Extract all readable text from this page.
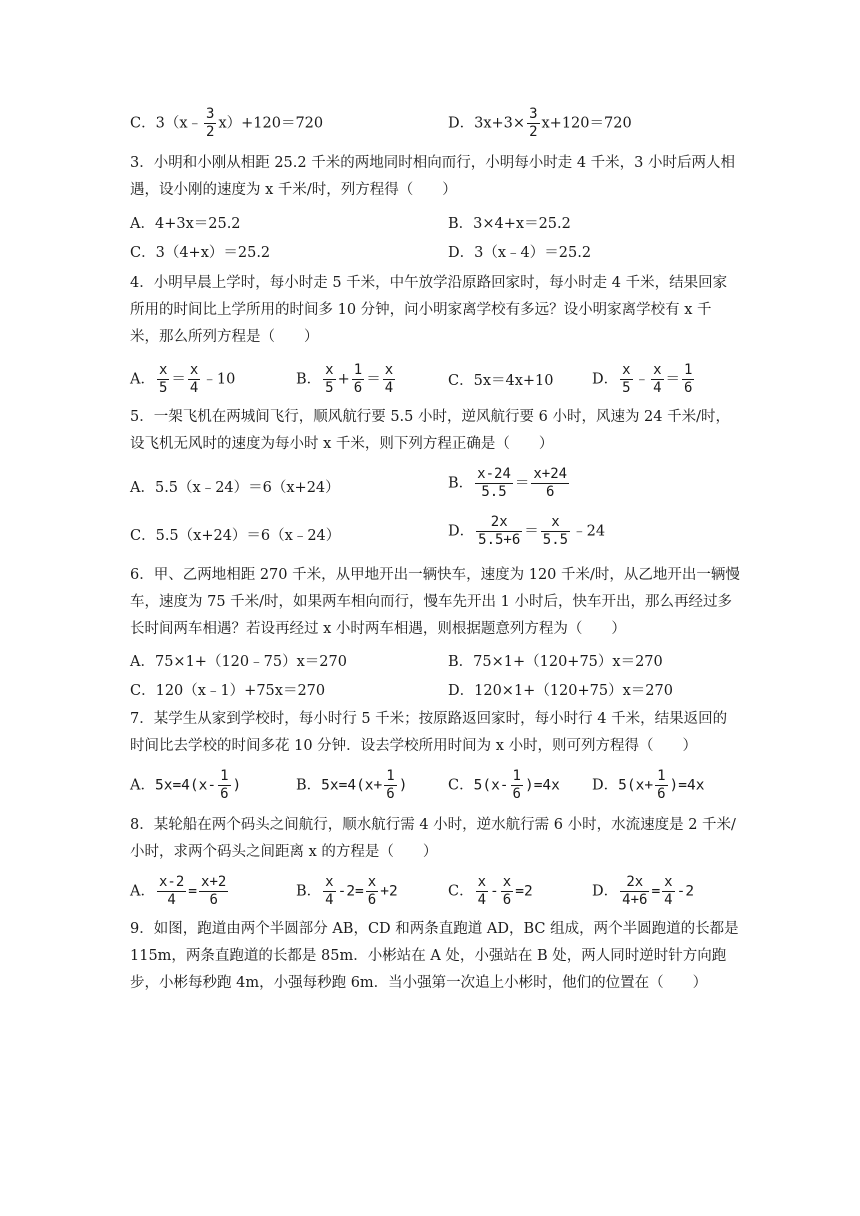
C．3（x﹣ $\frac{3}{2} x)+120=720$	D．$3x+3\times \frac{3}{2} x+120=720$
3．小明和小刚从相距 25.2 千米的两地同时相向而行，小明每小时走 4 千米，3 小时后两人相遇，设小刚的速度为 x 千米/时，列方程得（　　）
A．4+3x＝25.2	B．3×4+x＝25.2
C．3（4+x）＝25.2	D．3（x﹣4）＝25.2
4．小明早晨上学时，每小时走 5 千米，中午放学沿原路回家时，每小时走 4 千米，结果回家所用的时间比上学所用的时间多 10 分钟，问小明家离学校有多远？设小明家离学校有 x 千米，那么所列方程是（　　）
A． $\frac{x}{5} = \frac{x}{4}$ ﹣10	B． $\frac{x}{5} + \frac{1}{6} = \frac{x}{4}$	C．5x＝4x+10	D． $\frac{x}{5}$ ﹣ $\frac{x}{4} = \frac{1}{6}$
5．一架飞机在两城间飞行，顺风航行要 5.5 小时，逆风航行要 6 小时，风速为 24 千米/时，设飞机无风时的速度为每小时 x 千米，则下列方程正确是（　　）
A．5.5（x﹣24）＝6（x+24）	B． $\frac{x-24}{5.5} = \frac{x+24}{6}$
C．5.5（x+24）＝6（x﹣24）	D． $\frac{2x}{5.5+6} = \frac{x}{5.5}$ ﹣24
6．甲、乙两地相距 270 千米，从甲地开出一辆快车，速度为 120 千米/时，从乙地开出一辆慢车，速度为 75 千米/时，如果两车相向而行，慢车先开出 1 小时后，快车开出，那么再经过多长时间两车相遇？若设再经过 x 小时两车相遇，则根据题意列方程为（　　）
A．75×1+（120﹣75）x＝270	B．75×1+（120+75）x＝270
C．120（x﹣1）+75x＝270	D．120×1+（120+75）x＝270
7．某学生从家到学校时，每小时行 5 千米；按原路返回家时，每小时行 4 千米，结果返回的时间比去学校的时间多花 10 分钟．设去学校所用时间为 x 小时，则可列方程得（　　）
A．$5x=4(x- \frac{1}{6}$ )	B．$5x=4(x+ \frac{1}{6}$ )	C．$5(x- \frac{1}{6} )=4x$ D．$5(x+ \frac{1}{6} )=4x$
8．某轮船在两个码头之间航行，顺水航行需 4 小时，逆水航行需 6 小时，水流速度是 2 千米/小时，求两个码头之间距离 x 的方程是（　　）
A． $\frac{x-2}{4} = \frac{x+2}{6}$	B． $\frac{x}{4} -2= \frac{x}{6} +2$	C． $\frac{x}{4} - \frac{x}{6} =2$	D． $\frac{2x}{4+6} = \frac{x}{4} -2$
9．如图，跑道由两个半圆部分 AB，CD 和两条直跑道 AD，BC 组成，两个半圆跑道的长都是 115m，两条直跑道的长都是 85m．小彬站在 A 处，小强站在 B 处，两人同时逆时针方向跑步，小彬每秒跑 4m，小强每秒跑 6m．当小强第一次追上小彬时，他们的位置在（　　）
